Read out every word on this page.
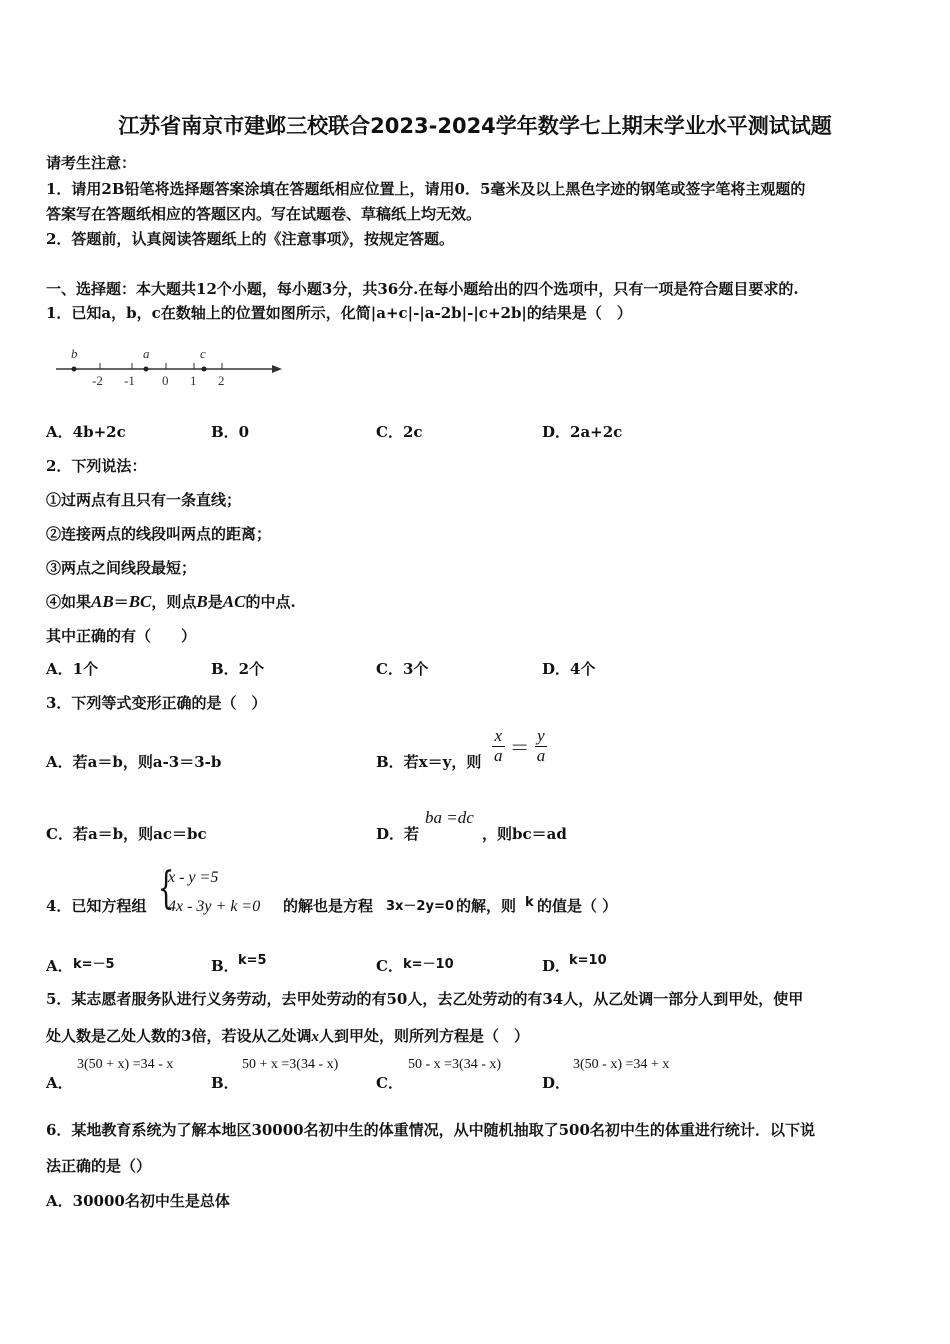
江苏省南京市建邺三校联合2023-2024学年数学七上期末学业水平测试试题
请考生注意：
1．请用2B铅笔将选择题答案涂填在答题纸相应位置上，请用0．5毫米及以上黑色字迹的钢笔或签字笔将主观题的
答案写在答题纸相应的答题区内。写在试题卷、草稿纸上均无效。
2．答题前，认真阅读答题纸上的《注意事项》，按规定答题。
一、选择题：本大题共12个小题，每小题3分，共36分.在每小题给出的四个选项中，只有一项是符合题目要求的.
1．已知a，b，c在数轴上的位置如图所示，化简|a+c|-|a-2b|-|c+2b|的结果是（　）
b	a	c
-2 -1 0 1 2
A．4b+2c	B．0	C．2c	D．2a+2c
2．下列说法：
①过两点有且只有一条直线；
②连接两点的线段叫两点的距离；
③两点之间线段最短；
④如果AB＝BC，则点B是AC的中点.
其中正确的有（　　）
A．1个	B．2个	C．3个	D．4个
3．下列等式变形正确的是（　）
A．若a＝b，则a-3＝3-b	B．若x＝y，则 $\frac{x}{a} = \frac{y}{a}$
C．若a＝b，则ac＝bc	D．若
ba =dc
，则bc＝ad
4．已知方程组 {
x - y =5
4x - 3y + k =0 的解也是方程 3x－2y=0 的解，则 k 的值是（ ）
A． k=－5	B． k=5	C． k=－10	D．
k=10
5．某志愿者服务队进行义务劳动，去甲处劳动的有50人，去乙处劳动的有34人，从乙处调一部分人到甲处，使甲
处人数是乙处人数的3倍，若设从乙处调x人到甲处，则所列方程是（　）
A．
3(50 + x) =34 - x
B．
50 + x =3(34 - x)
C．
50 - x =3(34 - x)
D．
3(50 - x) =34 + x
6．某地教育系统为了解本地区30000名初中生的体重情况，从中随机抽取了500名初中生的体重进行统计．以下说
法正确的是（）
A．30000名初中生是总体
